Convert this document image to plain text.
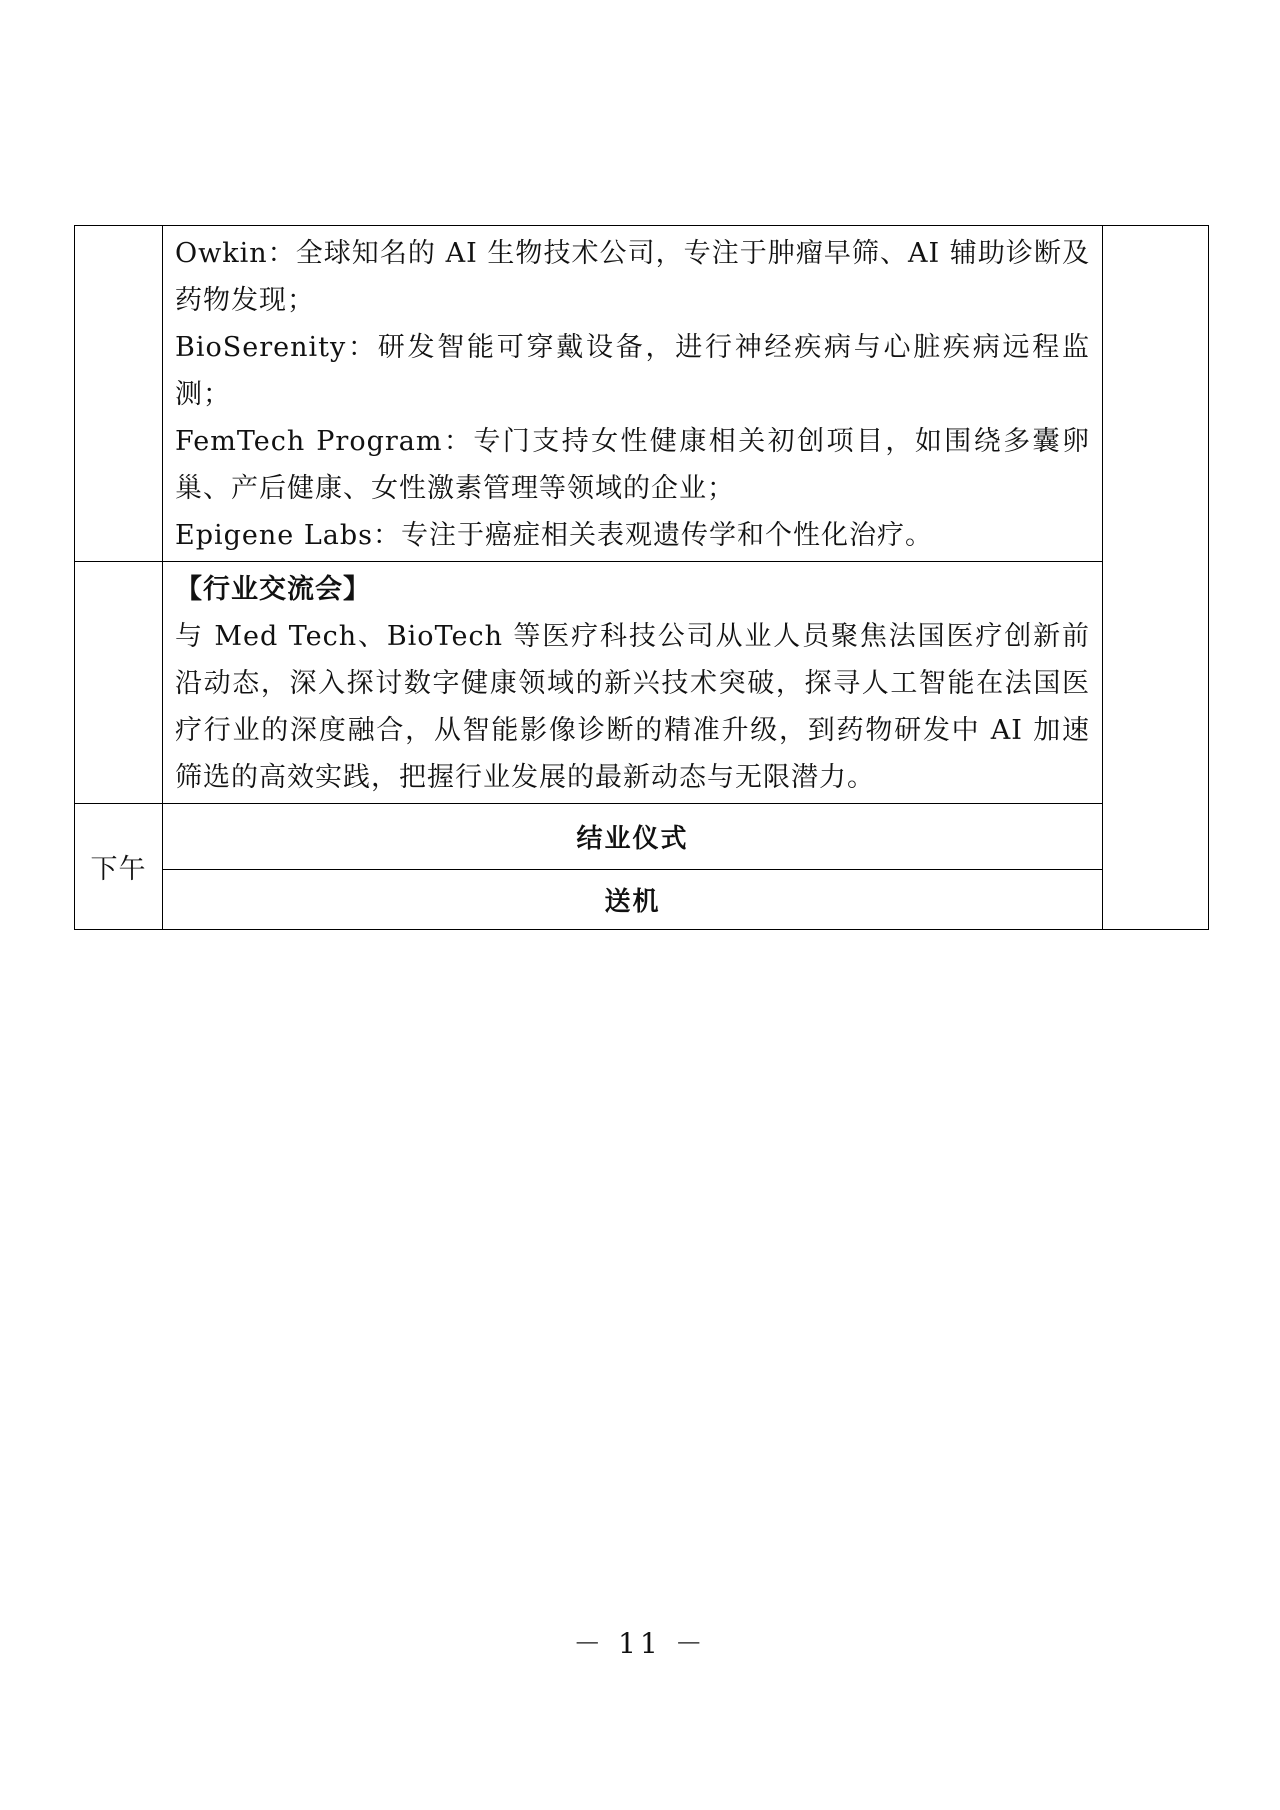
	Owkin：全球知名的 AI 生物技术公司，专注于肿瘤早筛、AI 辅助诊断及药物发现；
BioSerenity：研发智能可穿戴设备，进行神经疾病与心脏疾病远程监测；
FemTech Program：专门支持女性健康相关初创项目，如围绕多囊卵巢、产后健康、女性激素管理等领域的企业；
Epigene Labs：专注于癌症相关表观遗传学和个性化治疗。	

	【行业交流会】
与 Med Tech、BioTech 等医疗科技公司从业人员聚焦法国医疗创新前沿动态，深入探讨数字健康领域的新兴技术突破，探寻人工智能在法国医疗行业的深度融合，从智能影像诊断的精准升级，到药物研发中 AI 加速筛选的高效实践，把握行业发展的最新动态与无限潜力。	

下午	结业仪式	
	送机	
－ 11 －
